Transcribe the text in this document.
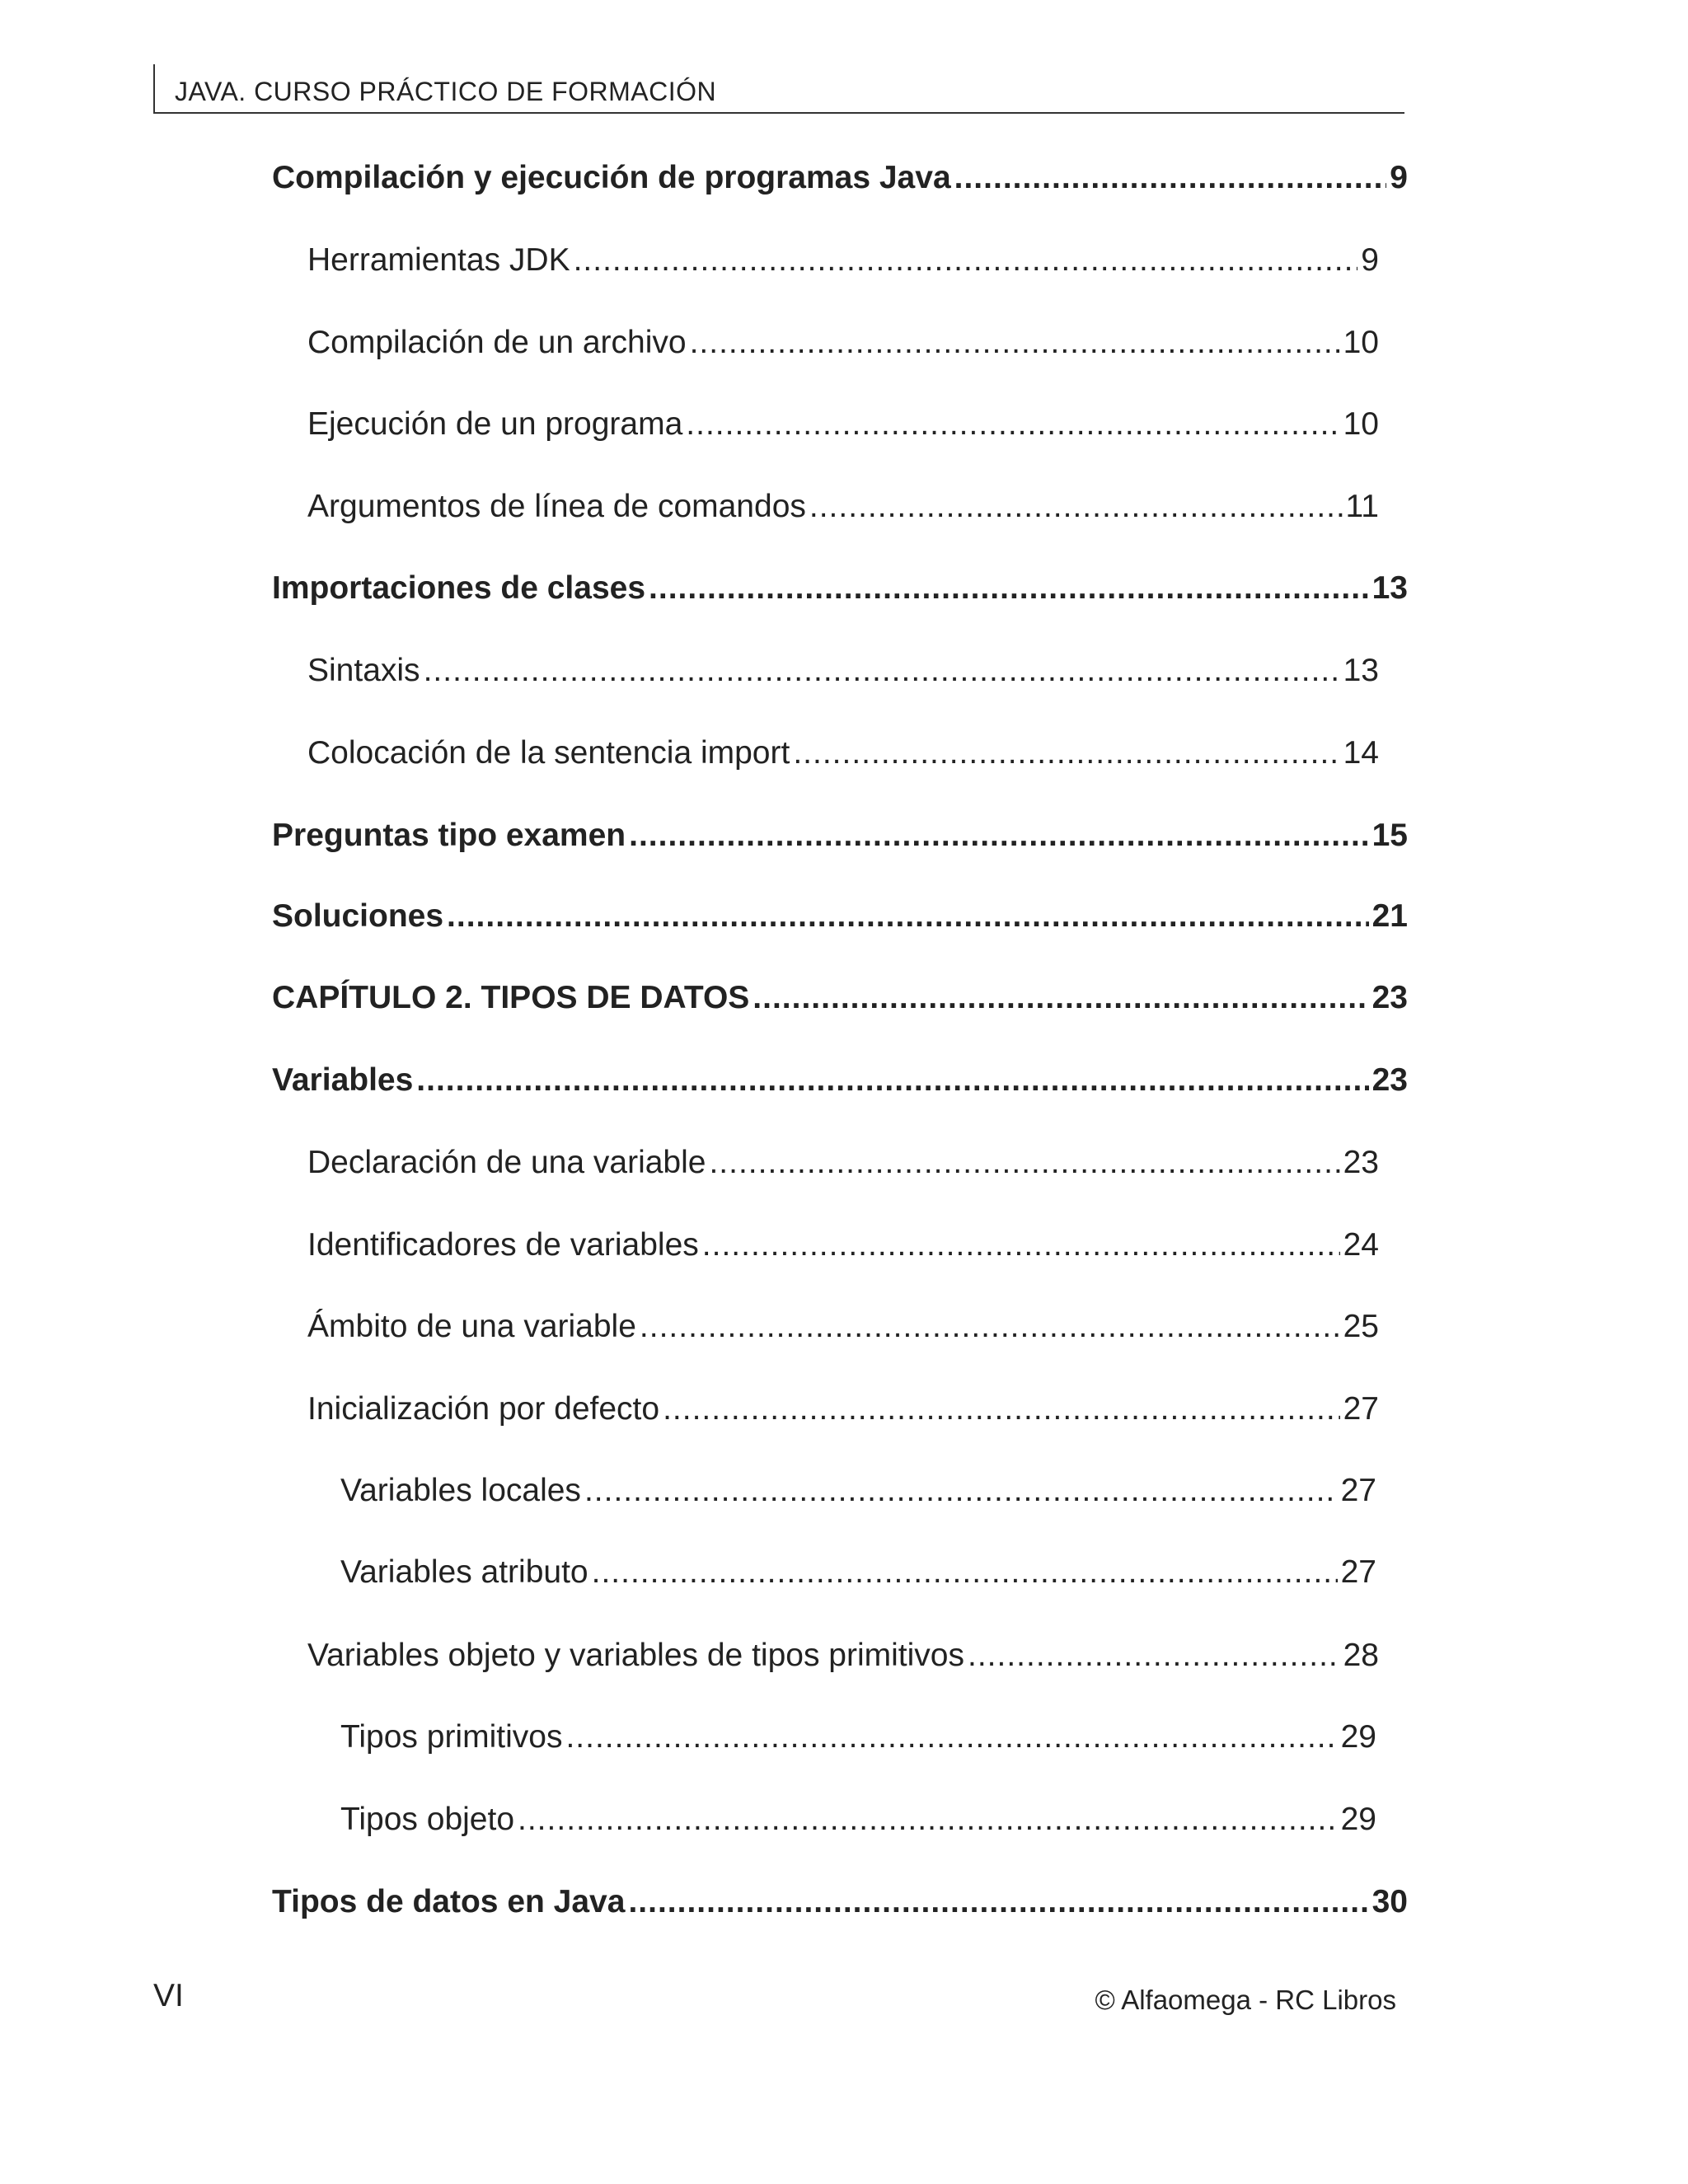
JAVA. CURSO PRÁCTICO DE FORMACIÓN
Compilación y ejecución de programas Java .....	9
Herramientas JDK .....	9
Compilación de un archivo .....	10
Ejecución de un programa .....	10
Argumentos de línea de comandos .....	11
Importaciones de clases .....	13
Sintaxis .....	13
Colocación de la sentencia import .....	14
Preguntas tipo examen .....	15
Soluciones .....	21
CAPÍTULO 2. TIPOS DE DATOS .....	23
Variables .....	23
Declaración de una variable .....	23
Identificadores de variables .....	24
Ámbito de una variable .....	25
Inicialización por defecto .....	27
Variables locales .....	27
Variables atributo .....	27
Variables objeto y variables de tipos primitivos .....	28
Tipos primitivos .....	29
Tipos objeto .....	29
Tipos de datos en Java .....	30
VI	© Alfaomega - RC Libros
